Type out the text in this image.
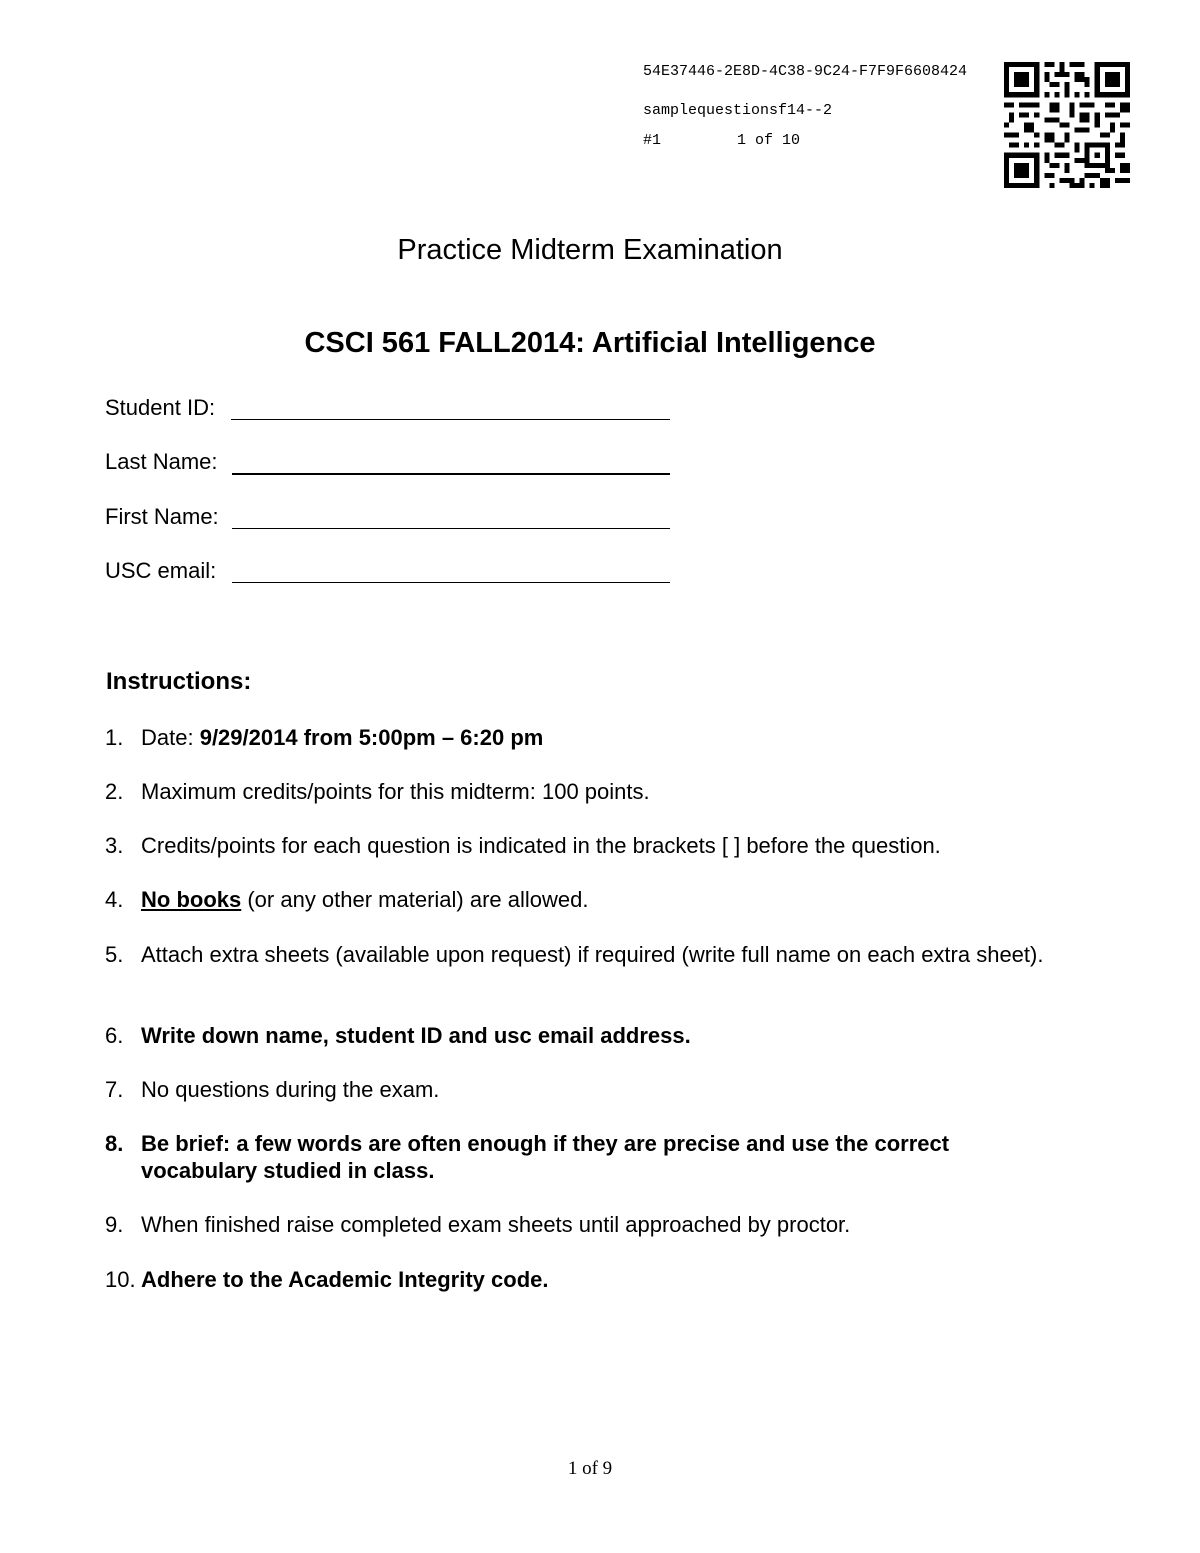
54E37446-2E8D-4C38-9C24-F7F9F6608424
samplequestionsf14--2
#1	1 of 10
Practice Midterm Examination
CSCI 561 FALL2014: Artificial Intelligence
Student ID:
Last Name:
First Name:
USC email:
Instructions:
1. Date: 9/29/2014 from 5:00pm – 6:20 pm
2. Maximum credits/points for this midterm: 100 points.
3. Credits/points for each question is indicated in the brackets [ ] before the question.
4. No books (or any other material) are allowed.
5. Attach extra sheets (available upon request) if required (write full name on each extra sheet).
6. Write down name, student ID and usc email address.
7. No questions during the exam.
8. Be brief: a few words are often enough if they are precise and use the correct vocabulary studied in class.
9. When finished raise completed exam sheets until approached by proctor.
10. Adhere to the Academic Integrity code.
1 of 9
